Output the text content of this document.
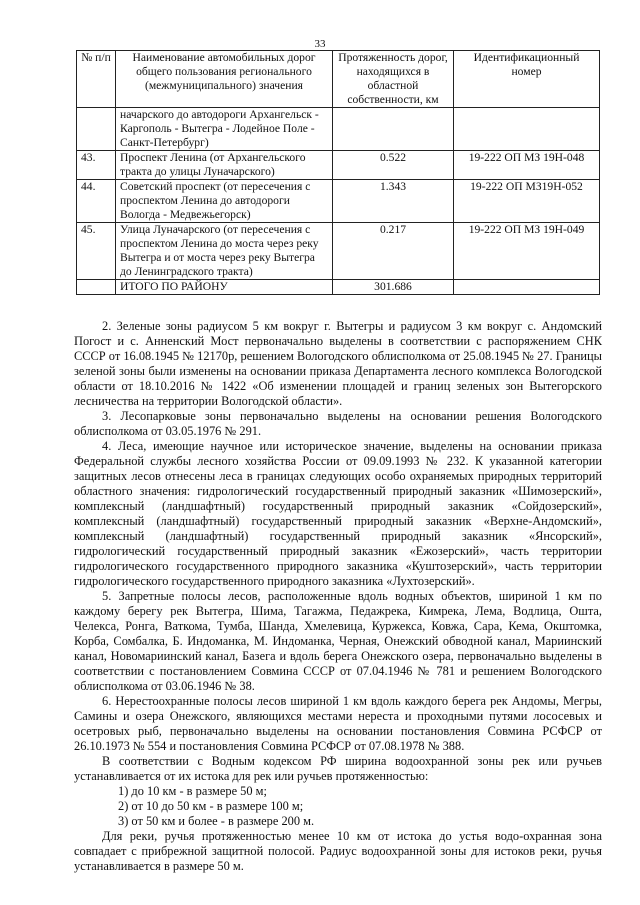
33
№ п/п	Наименование автомобильных дорог общего пользования регионального (межмуниципального) значения	Протяженность дорог, находящихся в областной собственности, км	Идентификационный номер
	начарского до автодороги Архангельск - Каргополь - Вытегра - Лодейное Поле - Санкт-Петербург)		
43.	Проспект Ленина (от Архангельского тракта до улицы Луначарского)	0.522	19-222 ОП МЗ 19Н-048
44.	Советский проспект (от пересечения с проспектом Ленина до автодороги Вологда - Медвежьегорск)	1.343	19-222 ОП МЗ19Н-052
45.	Улица Луначарского (от пересечения с проспектом Ленина до моста через реку Вытегра и от моста через реку Вытегра до Ленинградского тракта)	0.217	19-222 ОП МЗ 19Н-049
	ИТОГО ПО РАЙОНУ	301.686	

2. Зеленые зоны радиусом 5 км вокруг г. Вытегры и радиусом 3 км вокруг с. Андомский Погост и с. Анненский Мост первоначально выделены в соответствии с распоряжением СНК СССР от 16.08.1945 № 12170р, решением Вологодского облисполкома от 25.08.1945 № 27. Границы зеленой зоны были изменены на основании приказа Департамента лесного комплекса Вологодской области от 18.10.2016 № 1422 «Об изменении площадей и границ зеленых зон Вытегорского лесничества на территории Вологодской области».

3. Лесопарковые зоны первоначально выделены на основании решения Вологодского облисполкома от 03.05.1976 № 291.

4. Леса, имеющие научное или историческое значение, выделены на основании приказа Федеральной службы лесного хозяйства России от 09.09.1993 № 232. К указанной категории защитных лесов отнесены леса в границах следующих особо охраняемых природных территорий областного значения: гидрологический государственный природный заказник «Шимозерский», комплексный (ландшафтный) государственный природный заказник «Сойдозерский», комплексный (ландшафтный) государственный природный заказник «Верхне-Андомский», комплексный (ландшафтный) государственный природный заказник «Янсорский», гидрологический государственный природный заказник «Ежозерский», часть территории гидрологического государственного природного заказника «Куштозерский», часть территории гидрологического государственного природного заказника «Лухтозерский».

5. Запретные полосы лесов, расположенные вдоль водных объектов, шириной 1 км по каждому берегу рек Вытегра, Шима, Тагажма, Педажрека, Кимрека, Лема, Водлица, Ошта, Челекса, Ронга, Ваткома, Тумба, Шанда, Хмелевица, Куржекса, Ковжа, Сара, Кема, Окштомка, Корба, Сомбалка, Б. Индоманка, М. Индоманка, Черная, Онежский обводной канал, Мариинский канал, Новомариинский канал, Базега и вдоль берега Онежского озера, первоначально выделены в соответствии с постановлением Совмина СССР от 07.04.1946 № 781 и решением Вологодского облисполкома от 03.06.1946 № 38.

6. Нерестоохранные полосы лесов шириной 1 км вдоль каждого берега рек Андомы, Мегры, Самины и озера Онежского, являющихся местами нереста и проходными путями лососевых и осетровых рыб, первоначально выделены на основании постановления Совмина РСФСР от 26.10.1973 № 554 и постановления Совмина РСФСР от 07.08.1978 № 388.

В соответствии с Водным кодексом РФ ширина водоохранной зоны рек или ручьев устанавливается от их истока для рек или ручьев протяженностью:

1) до 10 км - в размере 50 м;

2) от 10 до 50 км - в размере 100 м;

3) от 50 км и более - в размере 200 м.

Для реки, ручья протяженностью менее 10 км от истока до устья водо-охранная зона совпадает с прибрежной защитной полосой. Радиус водоохранной зоны для истоков реки, ручья устанавливается в размере 50 м.
